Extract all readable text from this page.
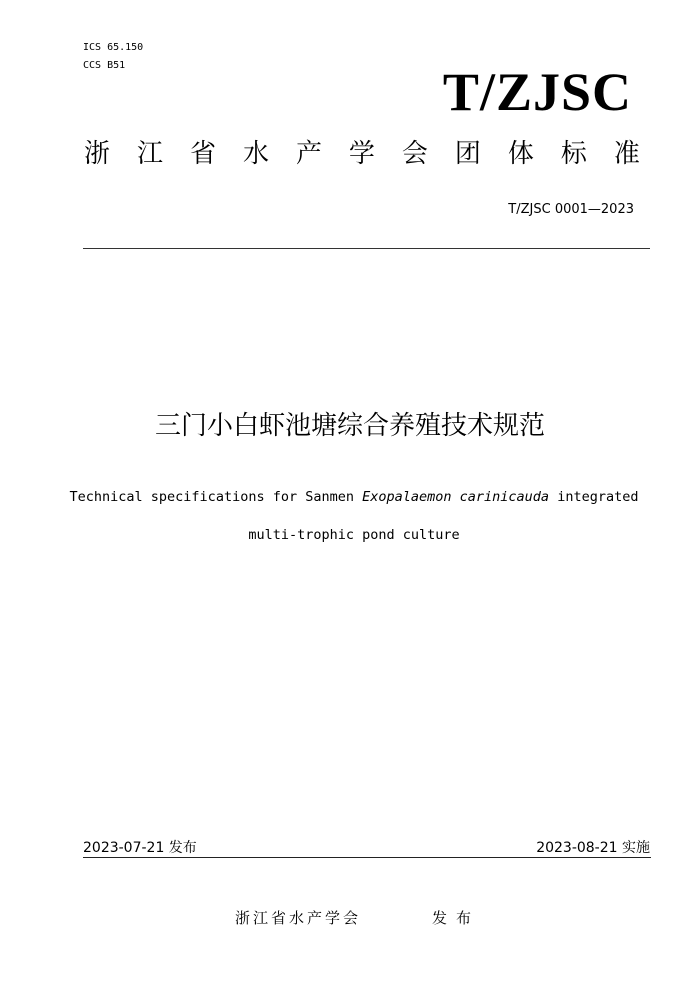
ICS 65.150
CCS B51	T/ZJSC
浙 江 省 水 产 学 会 团 体 标 准
T/ZJSC 0001—2023
三门小白虾池塘综合养殖技术规范
Technical specifications for Sanmen Exopalaemon carinicauda integrated
multi-trophic pond culture
2023-07-21 发布	2023-08-21 实施
浙江省水产学会	发布
